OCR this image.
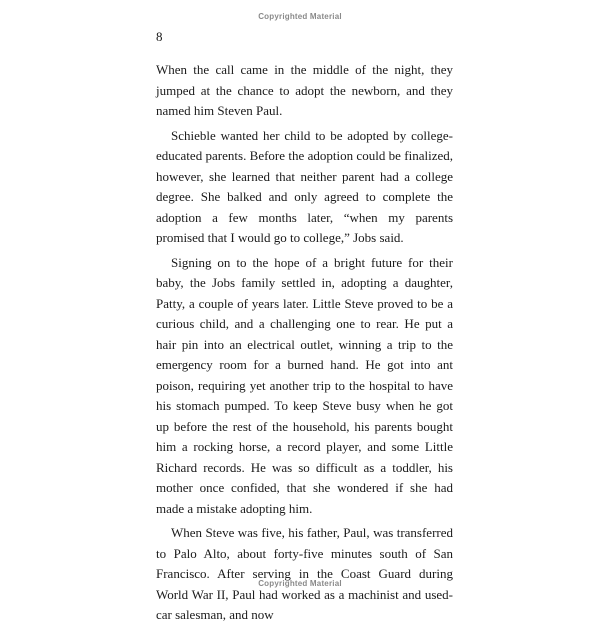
Copyrighted Material
8

When the call came in the middle of the night, they jumped at the chance to adopt the newborn, and they named him Steven Paul.

Schieble wanted her child to be adopted by college-educated parents. Before the adoption could be finalized, however, she learned that neither parent had a college degree. She balked and only agreed to complete the adoption a few months later, “when my parents promised that I would go to college,” Jobs said.

Signing on to the hope of a bright future for their baby, the Jobs family settled in, adopting a daughter, Patty, a couple of years later. Little Steve proved to be a curious child, and a challenging one to rear. He put a hair pin into an electrical outlet, winning a trip to the emergency room for a burned hand. He got into ant poison, requiring yet another trip to the hospital to have his stomach pumped. To keep Steve busy when he got up before the rest of the household, his parents bought him a rocking horse, a record player, and some Little Richard records. He was so difficult as a toddler, his mother once confided, that she wondered if she had made a mistake adopting him.

When Steve was five, his father, Paul, was transferred to Palo Alto, about forty-five minutes south of San Francisco. After serving in the Coast Guard during World War II, Paul had worked as a machinist and used-car salesman, and now

Copyrighted Material
